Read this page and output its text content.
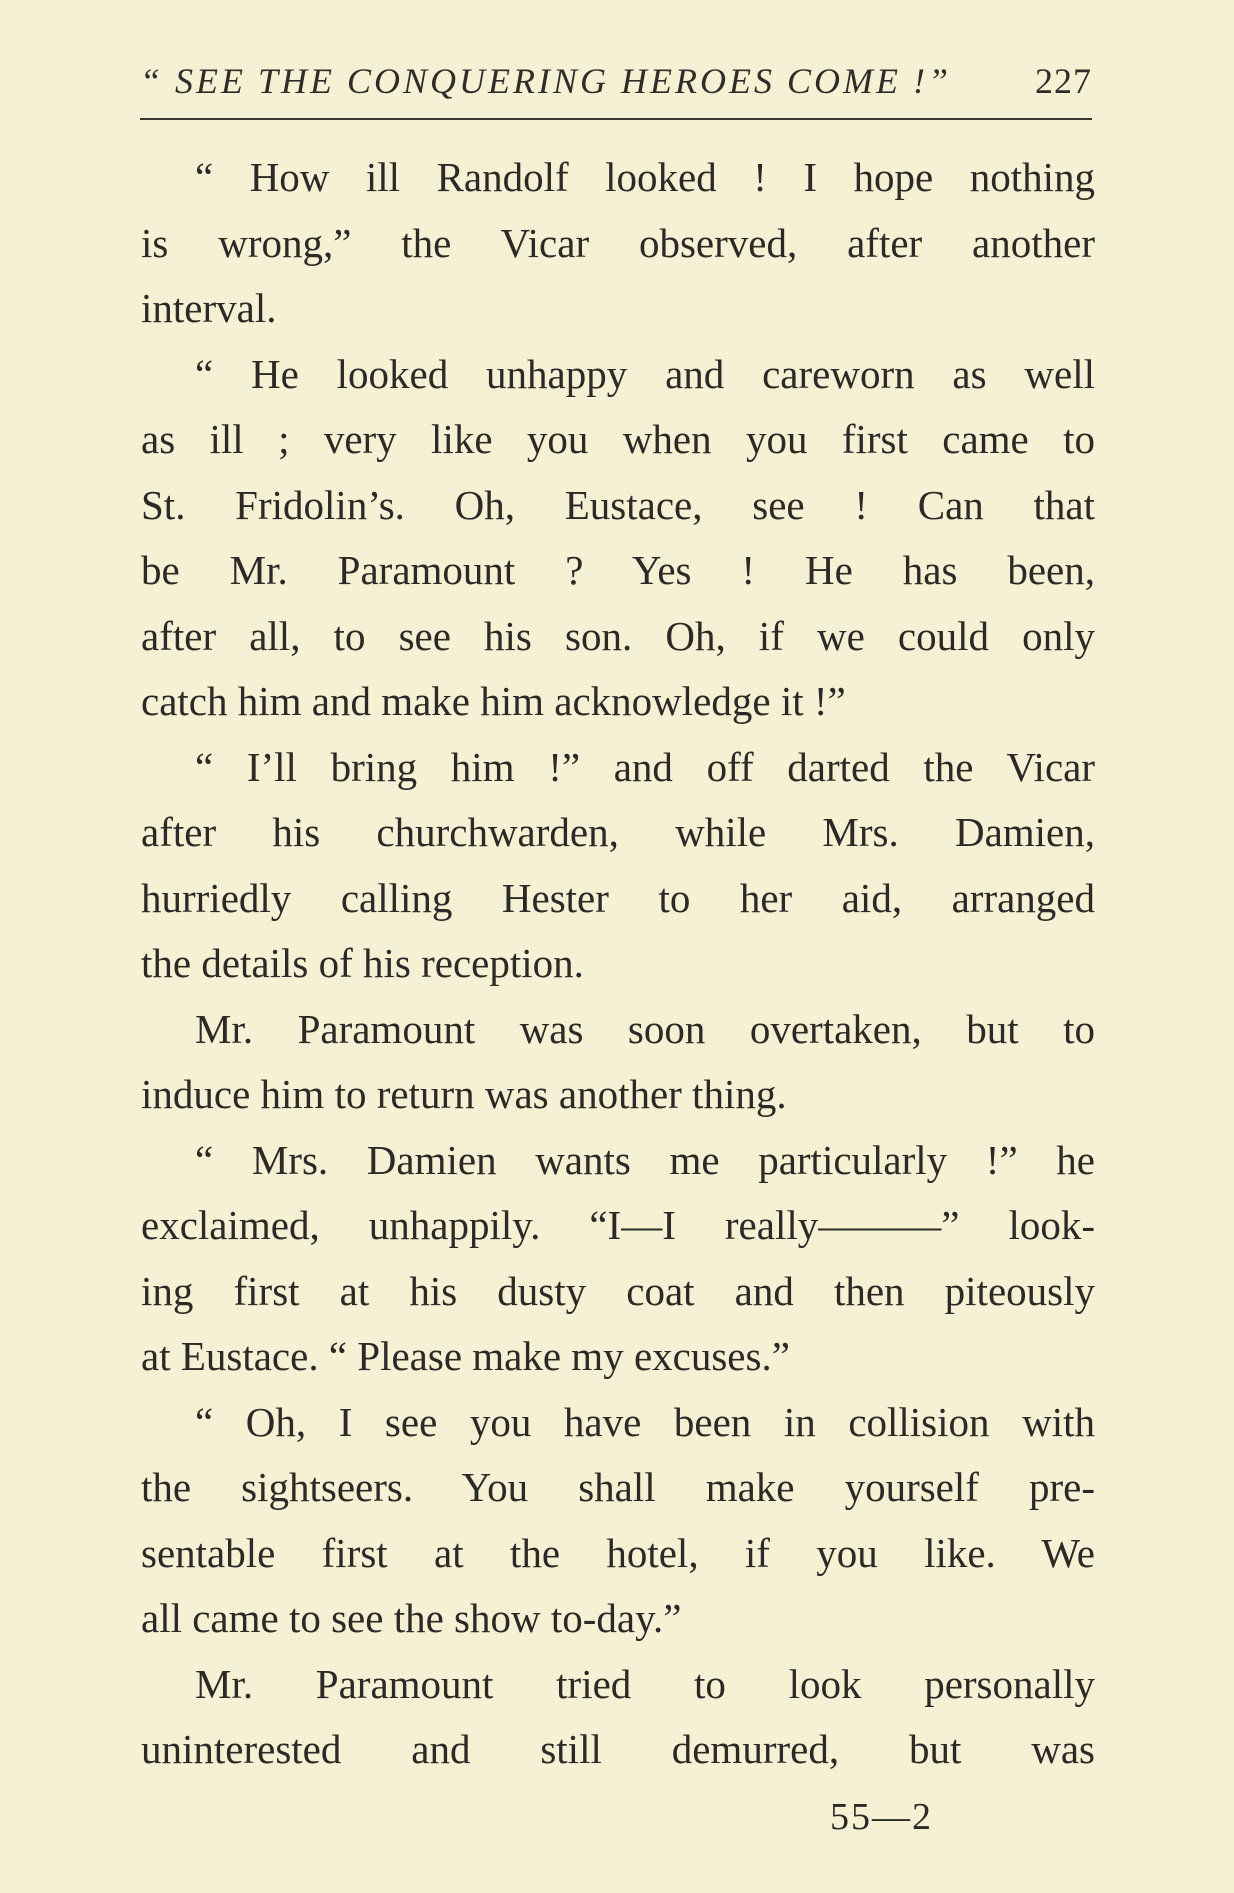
“ SEE THE CONQUERING HEROES COME !” 227
“ How ill Randolf looked ! I hope nothing
is wrong,” the Vicar observed, after another
interval.
“ He looked unhappy and careworn as well
as ill ; very like you when you first came to
St. Fridolin’s. Oh, Eustace, see ! Can that
be Mr. Paramount ? Yes ! He has been,
after all, to see his son. Oh, if we could only
catch him and make him acknowledge it !”
“ I’ll bring him !” and off darted the Vicar
after his churchwarden, while Mrs. Damien,
hurriedly calling Hester to her aid, arranged
the details of his reception.
Mr. Paramount was soon overtaken, but to
induce him to return was another thing.
“ Mrs. Damien wants me particularly !” he
exclaimed, unhappily. “I—I really———” look-
ing first at his dusty coat and then piteously
at Eustace. “ Please make my excuses.”
“ Oh, I see you have been in collision with
the sightseers. You shall make yourself pre-
sentable first at the hotel, if you like. We
all came to see the show to-day.”
Mr. Paramount tried to look personally
uninterested and still demurred, but was
55—2
